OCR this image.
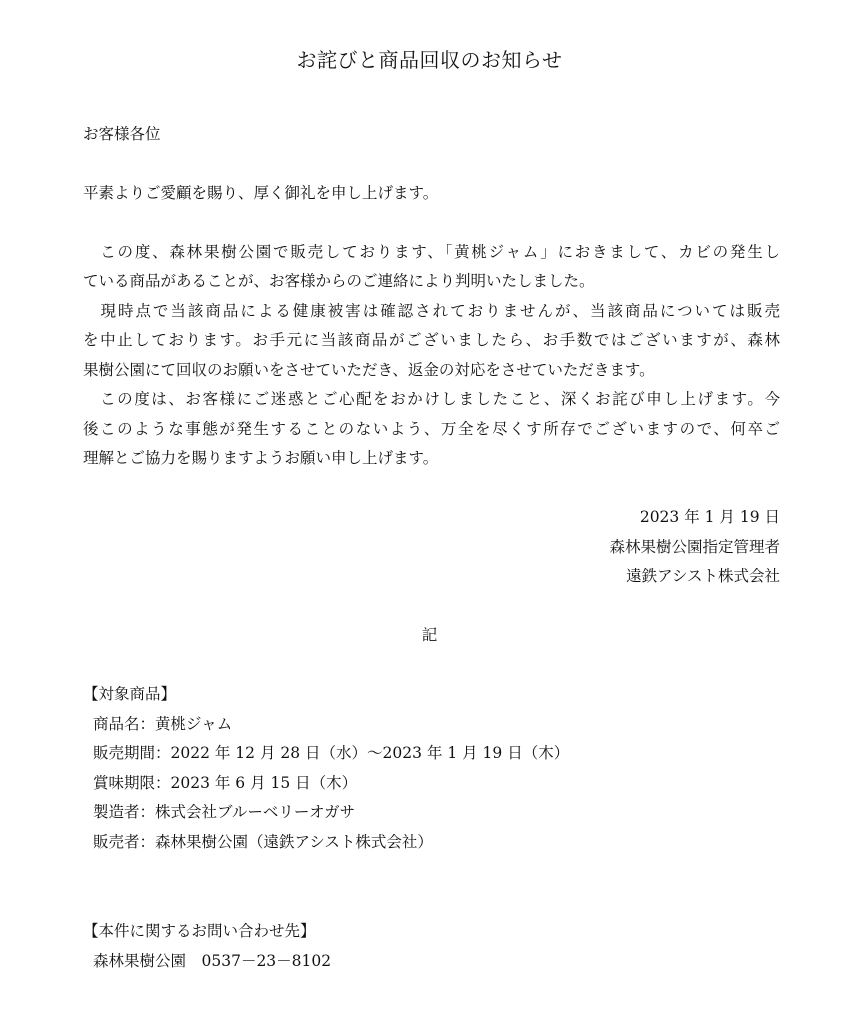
お詫びと商品回収のお知らせ
お客様各位
平素よりご愛顧を賜り、厚く御礼を申し上げます。
　この度、森林果樹公園で販売しております、「黄桃ジャム」におきまして、カビの発生し
ている商品があることが、お客様からのご連絡により判明いたしました。
　現時点で当該商品による健康被害は確認されておりませんが、当該商品については販売
を中止しております。お手元に当該商品がございましたら、お手数ではございますが、森林
果樹公園にて回収のお願いをさせていただき、返金の対応をさせていただきます。
　この度は、お客様にご迷惑とご心配をおかけしましたこと、深くお詫び申し上げます。今
後このような事態が発生することのないよう、万全を尽くす所存でございますので、何卒ご
理解とご協力を賜りますようお願い申し上げます。
2023 年 1 月 19 日
森林果樹公園指定管理者
遠鉄アシスト株式会社
記
【対象商品】
商品名：黄桃ジャム
販売期間：2022 年 12 月 28 日（水）～2023 年 1 月 19 日（木）
賞味期限：2023 年 6 月 15 日（木）
製造者：株式会社ブルーベリーオガサ
販売者：森林果樹公園（遠鉄アシスト株式会社）
【本件に関するお問い合わせ先】
森林果樹公園　0537－23－8102
